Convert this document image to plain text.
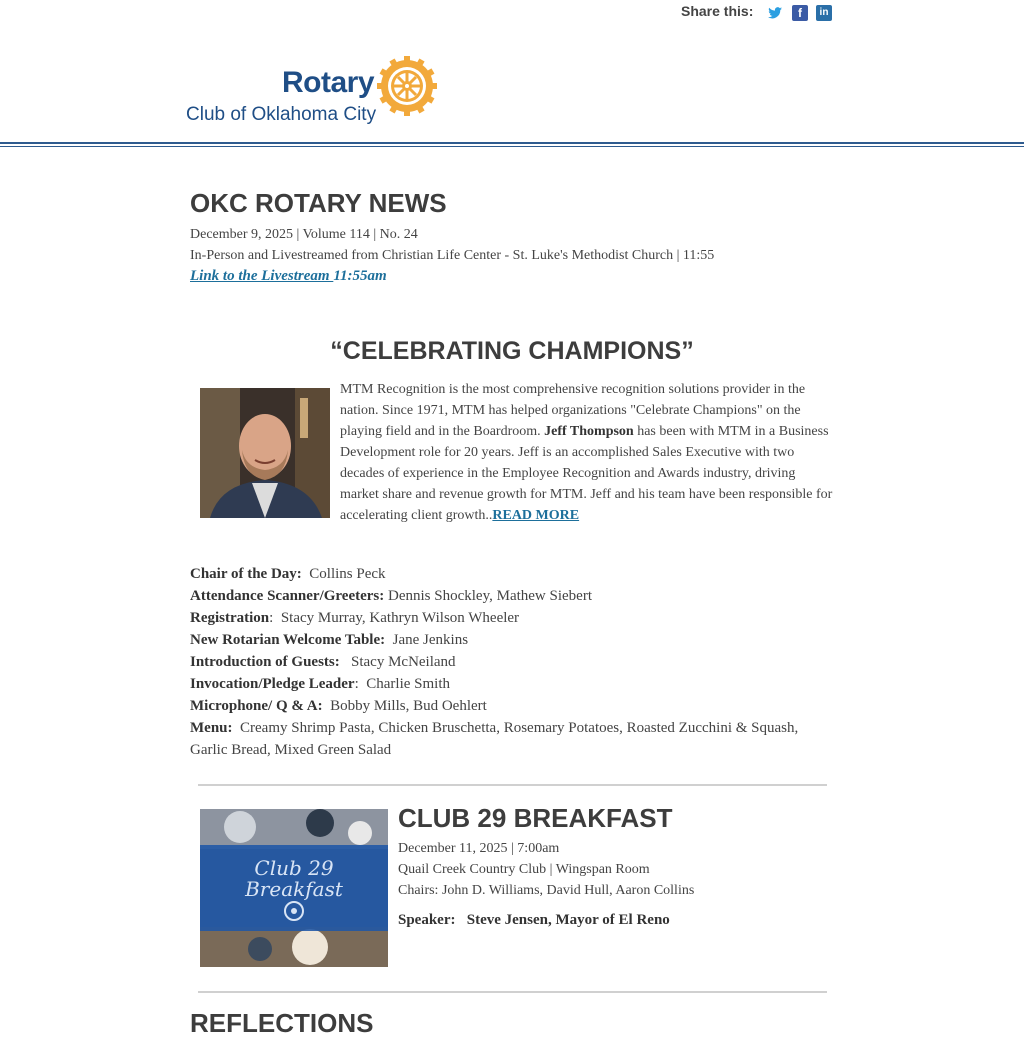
Share this:	f	in
Rotary
Club of Oklahoma City
OKC ROTARY NEWS
December 9, 2025 | Volume 114 | No. 24
In-Person and Livestreamed from Christian Life Center - St. Luke's Methodist Church | 11:55
Link to the Livestream 11:55am
“CELEBRATING CHAMPIONS”
MTM Recognition is the most comprehensive recognition solutions provider in the nation. Since 1971, MTM has helped organizations "Celebrate Champions" on the playing field and in the Boardroom. Jeff Thompson has been with MTM in a Business Development role for 20 years. Jeff is an accomplished Sales Executive with two decades of experience in the Employee Recognition and Awards industry, driving market share and revenue growth for MTM. Jeff and his team have been responsible for accelerating client growth..READ MORE
Chair of the Day: Collins Peck
Attendance Scanner/Greeters: Dennis Shockley, Mathew Siebert
Registration: Stacy Murray, Kathryn Wilson Wheeler
New Rotarian Welcome Table: Jane Jenkins
Introduction of Guests: Stacy McNeiland
Invocation/Pledge Leader: Charlie Smith
Microphone/ Q & A: Bobby Mills, Bud Oehlert
Menu: Creamy Shrimp Pasta, Chicken Bruschetta, Rosemary Potatoes, Roasted Zucchini & Squash, Garlic Bread, Mixed Green Salad
Club 29
Breakfast
CLUB 29 BREAKFAST
December 11, 2025 | 7:00am
Quail Creek Country Club | Wingspan Room
Chairs: John D. Williams, David Hull, Aaron Collins
Speaker: Steve Jensen, Mayor of El Reno
REFLECTIONS
